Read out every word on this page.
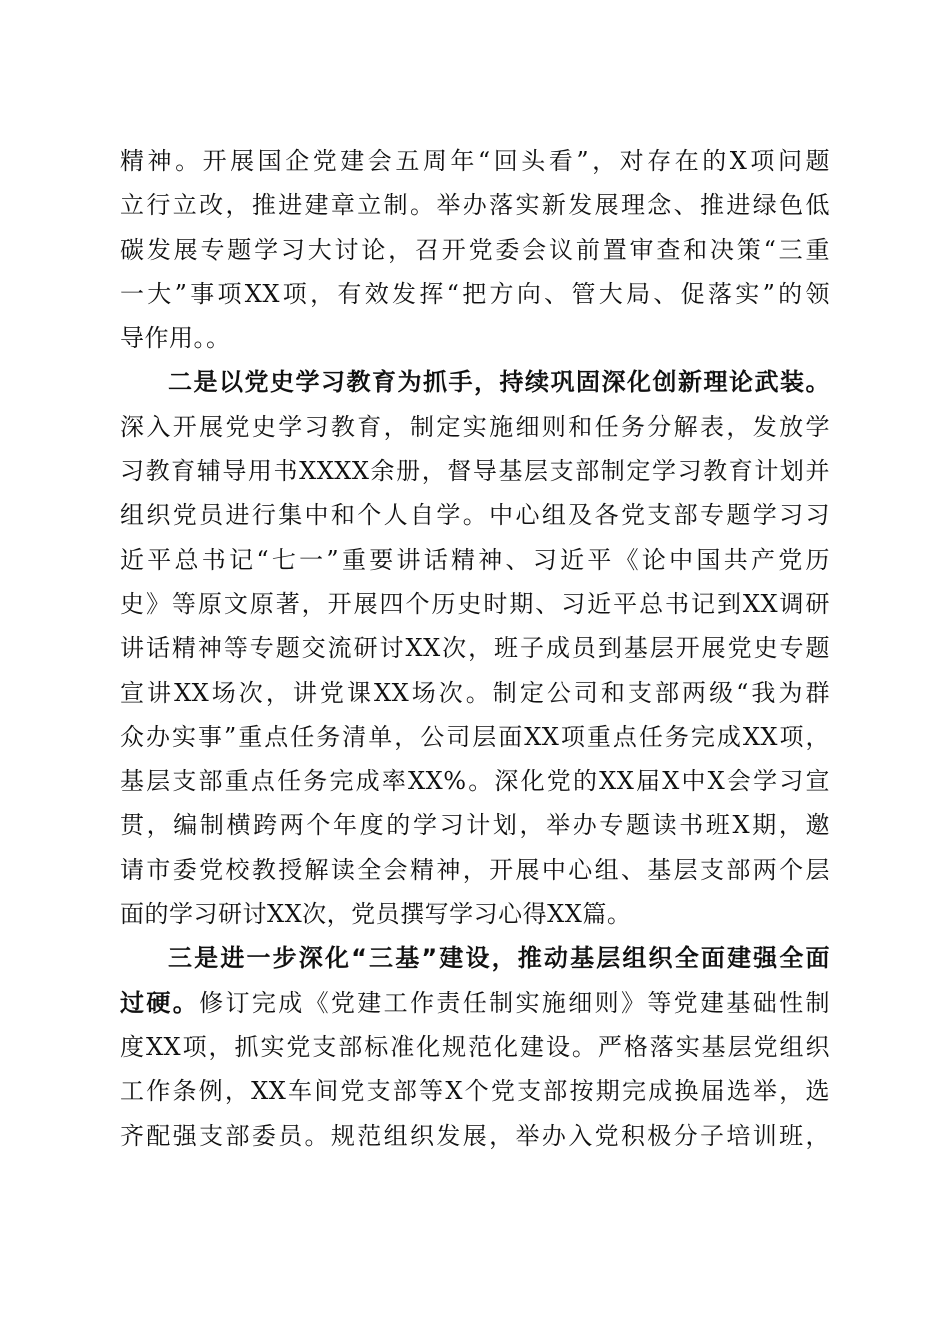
精神。开展国企党建会五周年“回头看”，对存在的X项问题
立行立改，推进建章立制。举办落实新发展理念、推进绿色低
碳发展专题学习大讨论，召开党委会议前置审查和决策“三重
一大”事项XX项，有效发挥“把方向、管大局、促落实”的领
导作用。。
二是以党史学习教育为抓手，持续巩固深化创新理论武装。
深入开展党史学习教育，制定实施细则和任务分解表，发放学
习教育辅导用书XXXX余册，督导基层支部制定学习教育计划并
组织党员进行集中和个人自学。中心组及各党支部专题学习习
近平总书记“七一”重要讲话精神、习近平《论中国共产党历
史》等原文原著，开展四个历史时期、习近平总书记到XX调研
讲话精神等专题交流研讨XX次，班子成员到基层开展党史专题
宣讲XX场次，讲党课XX场次。制定公司和支部两级“我为群
众办实事”重点任务清单，公司层面XX项重点任务完成XX项，
基层支部重点任务完成率XX%。深化党的XX届X中X会学习宣
贯，编制横跨两个年度的学习计划，举办专题读书班X期，邀
请市委党校教授解读全会精神，开展中心组、基层支部两个层
面的学习研讨XX次，党员撰写学习心得XX篇。
三是进一步深化“三基”建设，推动基层组织全面建强全面
过硬。修订完成《党建工作责任制实施细则》等党建基础性制
度XX项，抓实党支部标准化规范化建设。严格落实基层党组织
工作条例，XX车间党支部等X个党支部按期完成换届选举，选
齐配强支部委员。规范组织发展，举办入党积极分子培训班，
